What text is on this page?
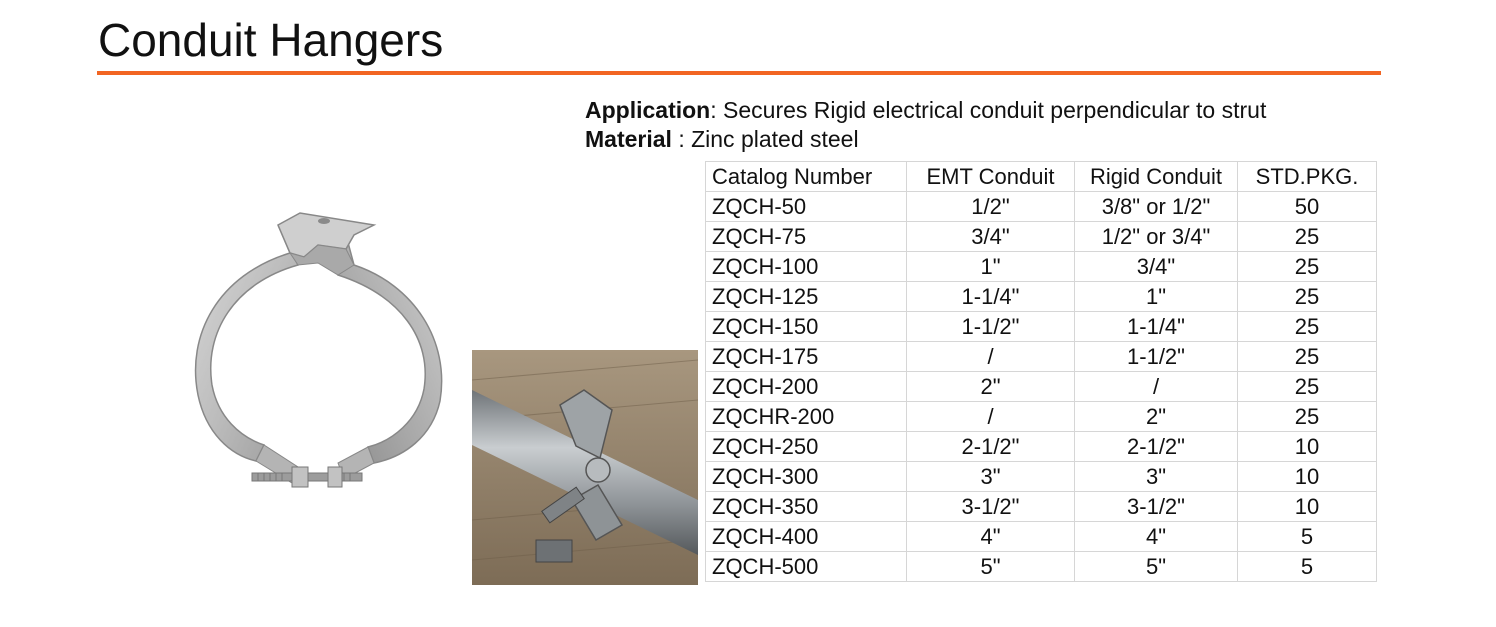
Conduit Hangers
Application: Secures Rigid electrical conduit perpendicular to strut
Material : Zinc plated steel
Catalog Number	EMT Conduit	Rigid Conduit	STD.PKG.
ZQCH-50	1/2"	3/8" or 1/2"	50
ZQCH-75	3/4"	1/2" or 3/4"	25
ZQCH-100	1"	3/4"	25
ZQCH-125	1-1/4"	1"	25
ZQCH-150	1-1/2"	1-1/4"	25
ZQCH-175	/	1-1/2"	25
ZQCH-200	2"	/	25
ZQCHR-200	/	2"	25
ZQCH-250	2-1/2"	2-1/2"	10
ZQCH-300	3"	3"	10
ZQCH-350	3-1/2"	3-1/2"	10
ZQCH-400	4"	4"	5
ZQCH-500	5"	5"	5
